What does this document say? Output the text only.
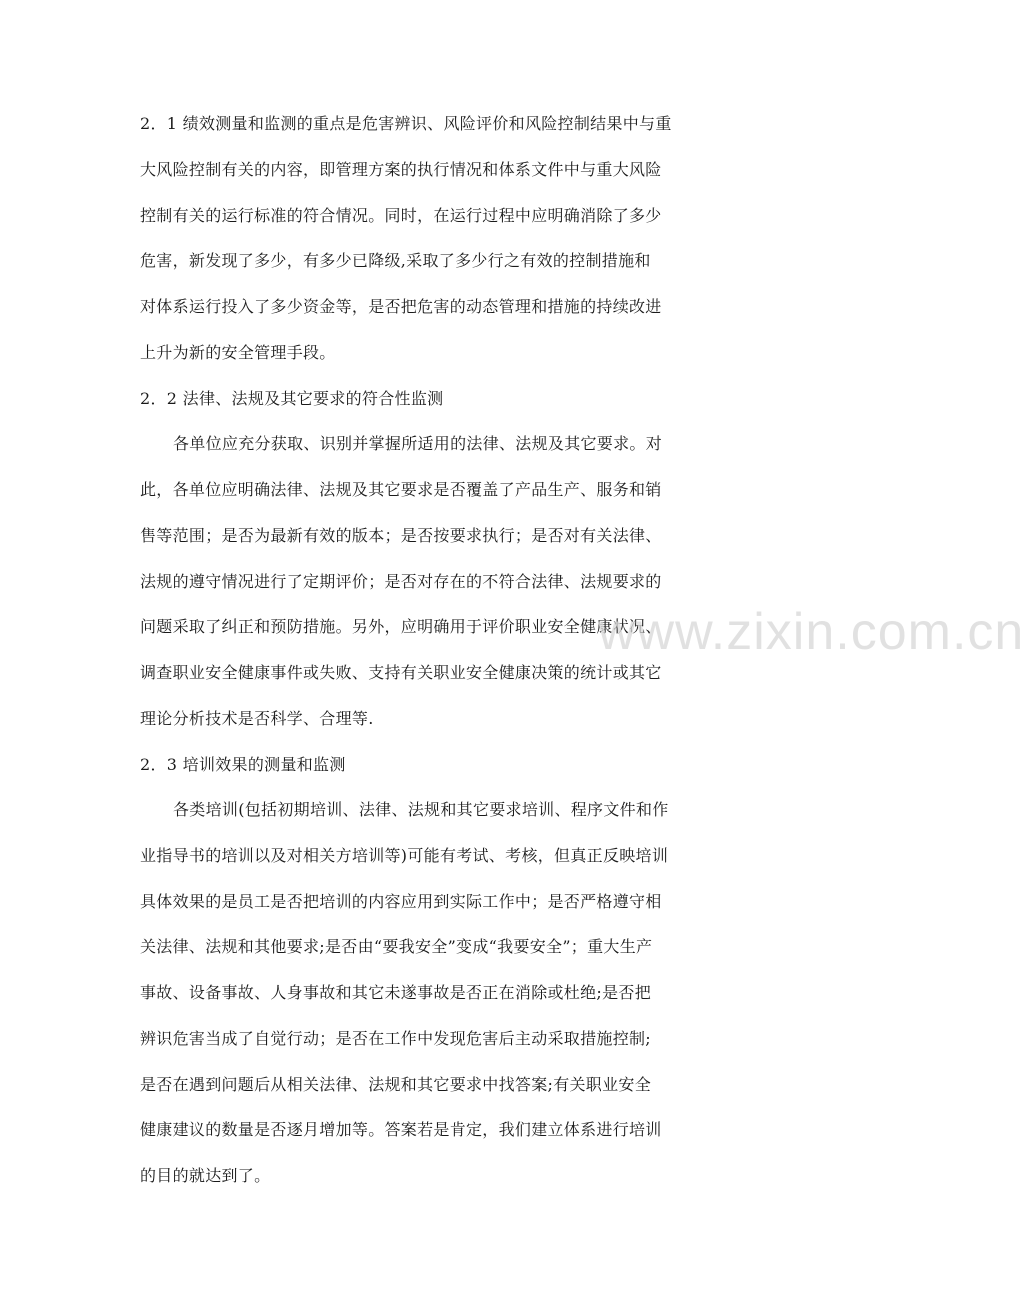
2．1 绩效测量和监测的重点是危害辨识、风险评价和风险控制结果中与重
大风险控制有关的内容，即管理方案的执行情况和体系文件中与重大风险
控制有关的运行标准的符合情况。同时，在运行过程中应明确消除了多少
危害，新发现了多少，有多少已降级,采取了多少行之有效的控制措施和
对体系运行投入了多少资金等，是否把危害的动态管理和措施的持续改进
上升为新的安全管理手段。
2．2 法律、法规及其它要求的符合性监测
各单位应充分获取、识别并掌握所适用的法律、法规及其它要求。对
此，各单位应明确法律、法规及其它要求是否覆盖了产品生产、服务和销
售等范围；是否为最新有效的版本；是否按要求执行；是否对有关法律、
法规的遵守情况进行了定期评价；是否对存在的不符合法律、法规要求的
问题采取了纠正和预防措施。另外，应明确用于评价职业安全健康状况、
调查职业安全健康事件或失败、支持有关职业安全健康决策的统计或其它
理论分析技术是否科学、合理等.
2．3 培训效果的测量和监测
各类培训(包括初期培训、法律、法规和其它要求培训、程序文件和作
业指导书的培训以及对相关方培训等)可能有考试、考核，但真正反映培训
具体效果的是员工是否把培训的内容应用到实际工作中；是否严格遵守相
关法律、法规和其他要求;是否由“要我安全”变成“我要安全”；重大生产
事故、设备事故、人身事故和其它未遂事故是否正在消除或杜绝;是否把
辨识危害当成了自觉行动；是否在工作中发现危害后主动采取措施控制;
是否在遇到问题后从相关法律、法规和其它要求中找答案;有关职业安全
健康建议的数量是否逐月增加等。答案若是肯定，我们建立体系进行培训
的目的就达到了。
www.zixin.com.cn
